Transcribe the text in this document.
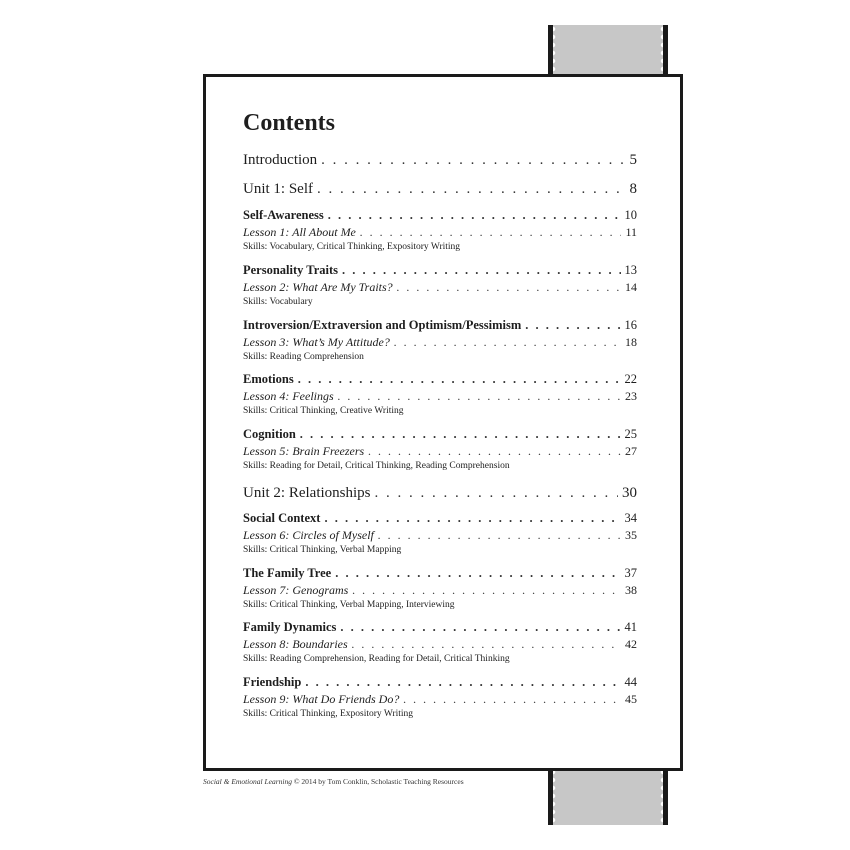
Contents
Introduction . . .	5
Unit 1: Self . . .	8
Self-Awareness . . .	10
Lesson 1: All About Me . . .	11
Skills: Vocabulary, Critical Thinking, Expository Writing
Personality Traits . . .	13
Lesson 2: What Are My Traits? . . .	14
Skills: Vocabulary
Introversion/Extraversion and Optimism/Pessimism . . .	16
Lesson 3: What’s My Attitude? . . .	18
Skills: Reading Comprehension
Emotions . . .	22
Lesson 4: Feelings . . .	23
Skills: Critical Thinking, Creative Writing
Cognition . . .	25
Lesson 5: Brain Freezers . . .	27
Skills: Reading for Detail, Critical Thinking, Reading Comprehension
Unit 2: Relationships . . .	30
Social Context . . .	34
Lesson 6: Circles of Myself . . .	35
Skills: Critical Thinking, Verbal Mapping
The Family Tree . . .	37
Lesson 7: Genograms . . .	38
Skills: Critical Thinking, Verbal Mapping, Interviewing
Family Dynamics . . .	41
Lesson 8: Boundaries . . .	42
Skills: Reading Comprehension, Reading for Detail, Critical Thinking
Friendship . . .	44
Lesson 9: What Do Friends Do? . . .	45
Skills: Critical Thinking, Expository Writing
Social & Emotional Learning © 2014 by Tom Conklin, Scholastic Teaching Resources
